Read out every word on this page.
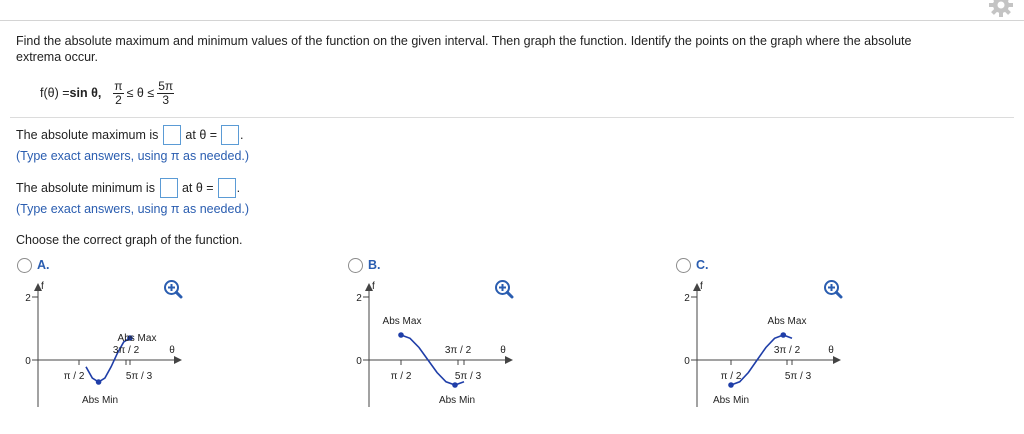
Find the absolute maximum and minimum values of the function on the given interval. Then graph the function. Identify the points on the graph where the absolute
extrema occur.
f(θ) = sin θ, $\frac{\pi}{2} \le \theta \le \frac{5\pi}{3}$
The absolute maximum is at θ = .
(Type exact answers, using π as needed.)
The absolute minimum is at θ = .
(Type exact answers, using π as needed.)
Choose the correct graph of the function.
A.
f
2
0
θ
π / 2
3π / 2
5π / 3
Abs Max
Abs Min
B.
f
2
0
θ
π / 2
3π / 2
5π / 3
Abs Max
Abs Min
C.
f
2
0
θ
π / 2
3π / 2
5π / 3
Abs Max
Abs Min
